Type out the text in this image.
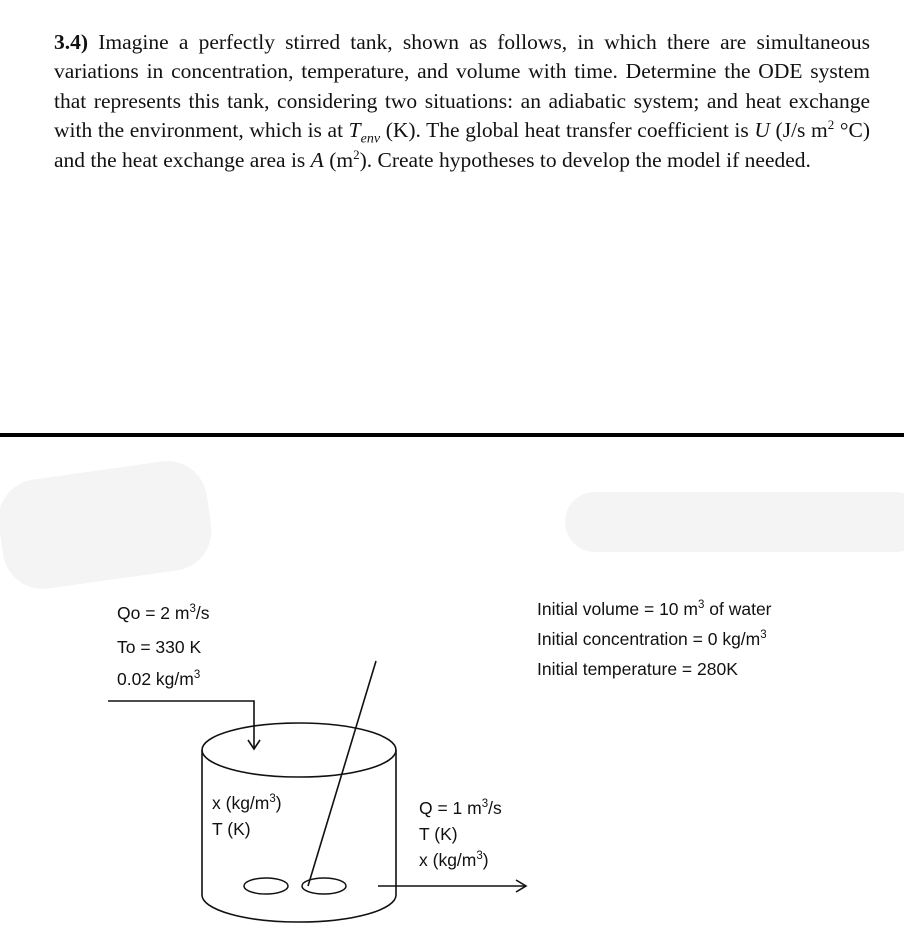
3.4) Imagine a perfectly stirred tank, shown as follows, in which there are simultaneous variations in concentration, temperature, and volume with time. Determine the ODE system that represents this tank, considering two situations: an adiabatic system; and heat exchange with the environment, which is at $T_{env}$ (K). The global heat transfer coefficient is U (J/s $m^2$ °C) and the heat exchange area is A $(m^2)$. Create hypotheses to develop the model if needed.
Qo = 2 $m^3/s$
To = 330 K
0.02 $kg/m^3$
Initial volume = 10 $m^3$ of water
Initial concentration = 0 $kg/m^3$
Initial temperature = 280K
x $(kg/m^3)$
T (K)
Q = 1 $m^3/s$
T (K)
x $(kg/m^3)$
